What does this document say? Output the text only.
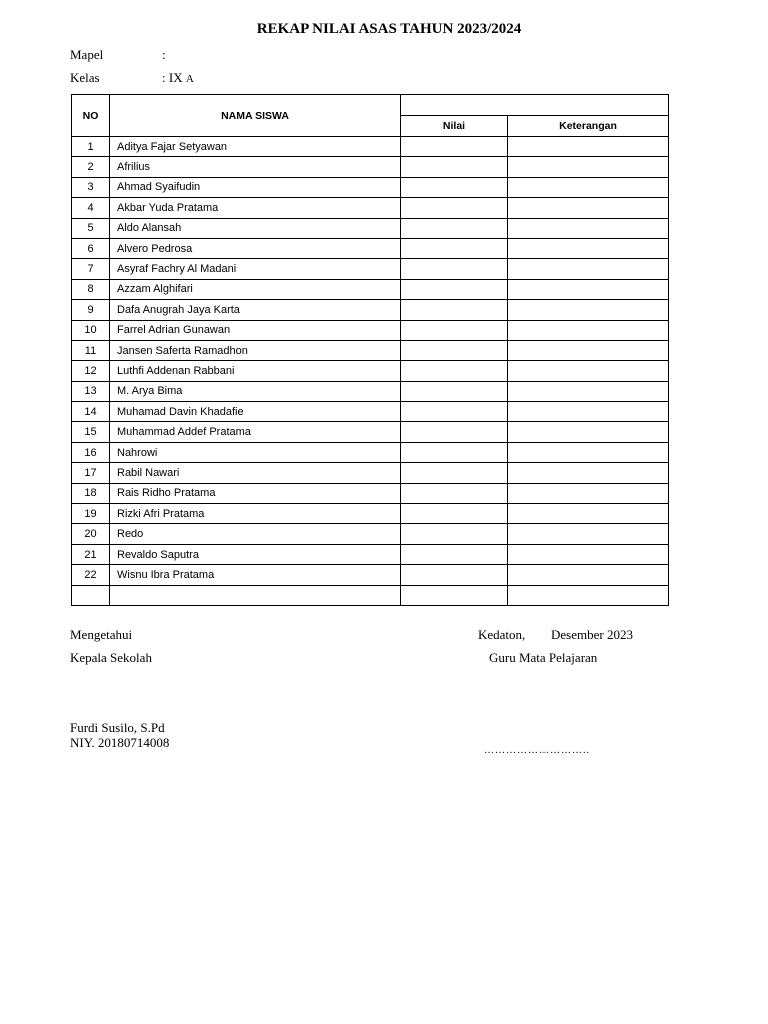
REKAP NILAI ASAS TAHUN 2023/2024
Mapel	:
Kelas	: IX A
NO	NAMA SISWA		
		Nilai	Keterangan
1	Aditya Fajar Setyawan		
2	Afrilius		
3	Ahmad Syaifudin		
4	Akbar Yuda Pratama		
5	Aldo Alansah		
6	Alvero Pedrosa		
7	Asyraf Fachry Al Madani		
8	Azzam Alghifari		
9	Dafa Anugrah Jaya Karta		
10	Farrel Adrian Gunawan		
11	Jansen Saferta Ramadhon		
12	Luthfi Addenan Rabbani		
13	M. Arya Bima		
14	Muhamad Davin Khadafie		
15	Muhammad Addef Pratama		
16	Nahrowi		
17	Rabil Nawari		
18	Rais Ridho Pratama		
19	Rizki Afri Pratama		
20	Redo		
21	Revaldo Saputra		
22	Wisnu Ibra Pratama		

Mengetahui
Kepala Sekolah
Furdi Susilo, S.Pd
NIY. 20180714008
Kedaton, Desember 2023
Guru Mata Pelajaran
………………………..
